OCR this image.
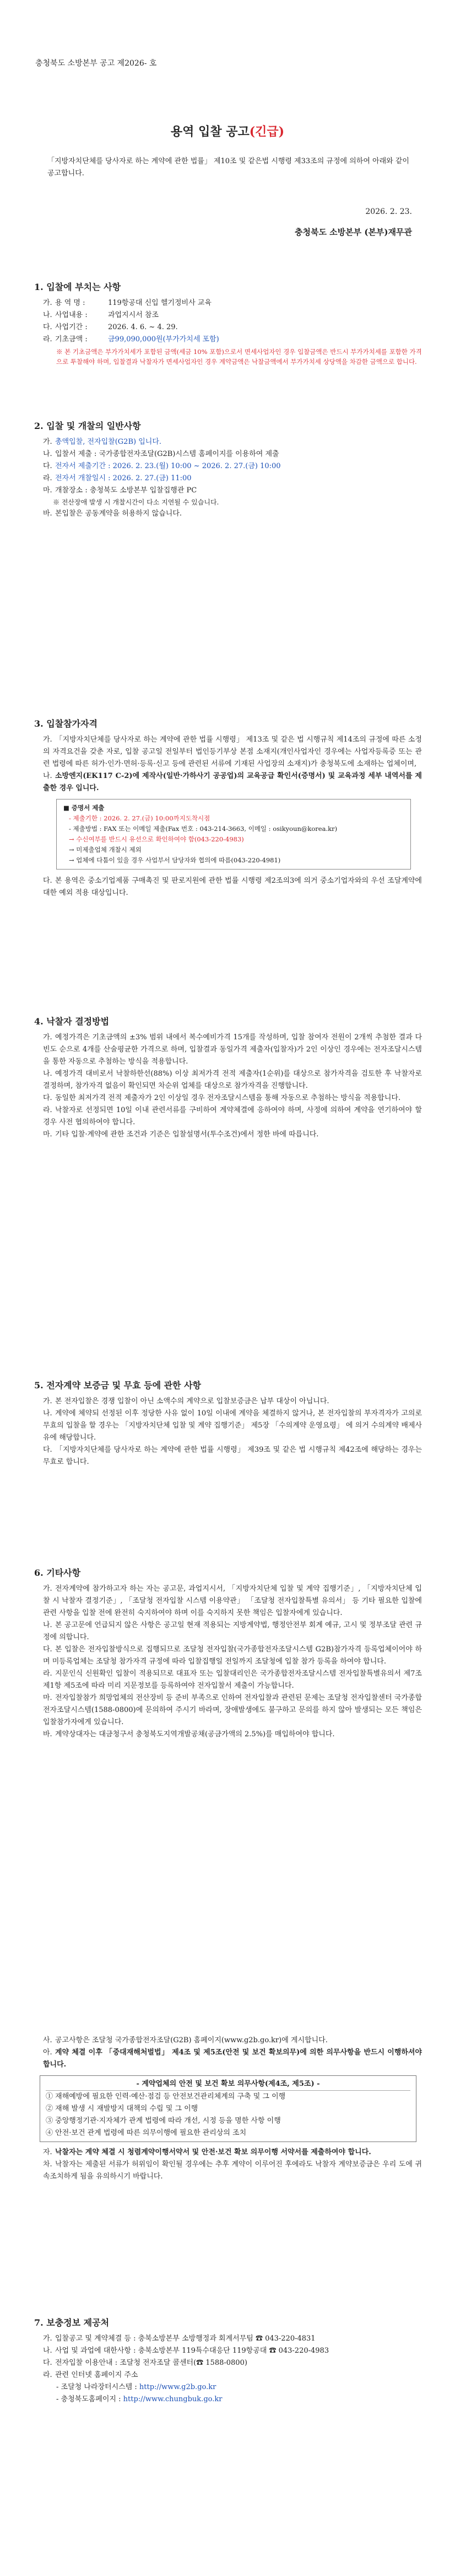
충청북도 소방본부 공고 제2026- 호
용역 입찰 공고(긴급)
「지방자치단체를 당사자로 하는 계약에 관한 법률」 제10조 및 같은법 시행령 제33조의 규정에 의하여 아래와 같이 공고합니다.
2026. 2. 23.
충청북도 소방본부 (본부)재무관
1. 입찰에 부치는 사항
가. 용 역 명 :	119항공대 신입 헬기정비사 교육
나. 사업내용 :	과업지시서 참조
다. 사업기간 :	2026. 4. 6. ~ 4. 29.
라. 기초금액 :	금99,090,000원(부가가치세 포함)
※ 본 기초금액은 부가가치세가 포함된 금액(세금 10% 포함)으로서 면세사업자인 경우 입찰금액은 반드시 부가가치세를 포함한 가격으로 투찰해야 하며, 입찰결과 낙찰자가 면세사업자인 경우 계약금액은 낙찰금액에서 부가가치세 상당액을 차감한 금액으로 합니다.
2. 입찰 및 개찰의 일반사항
가. 총액입찰, 전자입찰(G2B) 입니다.
나. 입찰서 제출 : 국가종합전자조달(G2B)시스템 홈페이지를 이용하여 제출
다. 전자서 제출기간 : 2026. 2. 23.(월) 10:00 ~ 2026. 2. 27.(금) 10:00
라. 전자서 개찰일시 : 2026. 2. 27.(금) 11:00
마. 개찰장소 : 충청북도 소방본부 입찰집행관 PC
※ 전산장애 발생 시 개찰시간이 다소 지연될 수 있습니다.
바. 본입찰은 공동계약을 허용하지 않습니다.
3. 입찰참가자격
가. 「지방자치단체를 당사자로 하는 계약에 관한 법률 시행령」 제13조 및 같은 법 시행규칙 제14조의 규정에 따른 소정의 자격요건을 갖춘 자로, 입찰 공고일 전일부터 법인등기부상 본점 소재지(개인사업자인 경우에는 사업자등록증 또는 관련 법령에 따른 허가·인가·면허·등록·신고 등에 관련된 서류에 기재된 사업장의 소재지)가 충청북도에 소재하는 업체이며,
나. 소방엔지(EK117 C-2)에 제작사(일반·가하사기 공공업)의 교육공급 확인서(증명서) 및 교육과정 세부 내역서를 제출한 경우 입니다.
■ 증명서 제출
- 제출기한 : 2026. 2. 27.(금) 10:00까지도착시점
- 제출방법 : FAX 또는 이메일 제출(Fax 번호 : 043-214-3663, 이메일 : osikyoun@korea.kr)
→ 수신여부를 반드시 유선으로 확인하여야 함(043-220-4983)
→ 미제출업체 개찰시 제외
→ 업체에 다툼이 있을 경우 사업부서 담당자와 협의에 따름(043-220-4981)
다. 본 용역은 중소기업제품 구매촉진 및 판로지원에 관한 법률 시행령 제2조의3에 의거 중소기업자와의 우선 조달계약에 대한 예외 적용 대상입니다.
4. 낙찰자 결정방법
가. 예정가격은 기초금액의 ±3% 범위 내에서 복수예비가격 15개를 작성하며, 입찰 참여자 전원이 2개씩 추첨한 결과 다빈도 순으로 4개를 산술평균한 가격으로 하며, 입찰결과 동일가격 제출자(입찰자)가 2인 이상인 경우에는 전자조달시스템을 통한 자동으로 추첨하는 방식을 적용합니다.
나. 예정가격 대비로서 낙찰하한선(88%) 이상 최저가격 전적 제출자(1순위)를 대상으로 참가자격을 검토한 후 낙찰자로 결정하며, 참가자격 없음이 확인되면 차순위 업체를 대상으로 참가자격을 진행합니다.
다. 동일한 최저가격 전적 제출자가 2인 이상일 경우 전자조달시스템을 통해 자동으로 추첨하는 방식을 적용합니다.
라. 낙찰자로 선정되면 10일 이내 관련서류를 구비하여 계약체결에 응하여야 하며, 사정에 의하여 계약을 연기하여야 할 경우 사전 협의하여야 합니다.
마. 기타 입찰·계약에 관한 조건과 기준은 입찰설명서(투수조건)에서 정한 바에 따릅니다.
5. 전자계약 보증금 및 무효 등에 관한 사항
가. 본 전자입찰은 경쟁 입찰이 아닌 소액수의 계약으로 입찰보증금은 납부 대상이 아닙니다.
나. 계약에 체약되 선정된 이후 정당한 사유 없이 10일 이내에 계약을 체결하지 않거나, 본 전자입찰의 부자격자가 고의로 무효의 입찰을 할 경우는 「지방자치단체 입찰 및 계약 집행기준」 제5장 「수의계약 운영요령」 에 의거 수의계약 배제사유에 해당합니다.
다. 「지방자치단체를 당사자로 하는 계약에 관한 법률 시행령」 제39조 및 같은 법 시행규칙 제42조에 해당하는 경우는 무효로 합니다.
6. 기타사항
가. 전자계약에 참가하고자 하는 자는 공고문, 과업지시서, 「지방자치단체 입찰 및 계약 집행기준」, 「지방자치단체 입찰 시 낙찰자 결정기준」, 「조달청 전자입찰 시스템 이용약관」 「조달청 전자입찰특별 유의서」 등 기타 필요한 입찰에 관련 사항을 입찰 전에 완전히 숙지하여야 하며 이를 숙지하지 못한 책임은 입찰자에게 있습니다.
나. 본 공고문에 언급되지 않은 사항은 공고일 현재 적용되는 지방계약법, 행정안전부 회계 예규, 고시 및 정부조달 관련 규정에 의합니다.
다. 본 입찰은 전자입찰방식으로 집행되므로 조달청 전자입찰(국가종합전자조달시스템 G2B)참가자격 등록업체이어야 하며 미등록업체는 조달청 참가자격 규정에 따라 입찰집행일 전일까지 조달청에 입찰 참가 등록을 하여야 합니다.
라. 지문인식 신원확인 입찰이 적용되므로 대표자 또는 입찰대리인은 국가종합전자조달시스템 전자입찰특별유의서 제7조제1항 제5조에 따라 미리 지문정보를 등록하여야 전자입찰서 제출이 가능합니다.
마. 전자입찰참가 희망업체의 전산장비 등 준비 부족으로 인하여 전자입찰과 관련된 문제는 조달청 전자입찰센터 국가종합전자조달시스템(1588-0800)에 문의하여 주시기 바라며, 장애발생에도 불구하고 문의를 하지 않아 발생되는 모든 책임은 입찰참가자에게 있습니다.
바. 계약상대자는 대금청구서 충청북도지역개발공채(공금가액의 2.5%)를 매입하여야 합니다.
사. 공고사항은 조달청 국가종합전자조달(G2B) 홈페이지(www.g2b.go.kr)에 게시합니다.
아. 계약 체결 이후 「중대재해처벌법」 제4조 및 제5조(안전 및 보건 확보의무)에 의한 의무사항을 반드시 이행하셔야 합니다.
- 계약업체의 안전 및 보건 확보 의무사항(제4조, 제5조) -
① 재해예방에 필요한 인력·예산·점검 등 안전보건관리체계의 구축 및 그 이행
② 재해 발생 시 재발방지 대책의 수립 및 그 이행
③ 중앙행정기관·지자체가 관계 법령에 따라 개선, 시정 등을 명한 사항 이행
④ 안전·보건 관계 법령에 따른 의무이행에 필요한 관리상의 조치
자. 낙찰자는 계약 체결 시 청렴계약이행서약서 및 안전·보건 확보 의무이행 서약서를 제출하여야 합니다.
차. 낙찰자는 제출된 서류가 허위임이 확인될 경우에는 추후 계약이 이루어진 후에라도 낙찰자 계약보증금은 우리 도에 귀속조치하게 됨을 유의하시기 바랍니다.
7. 보충정보 제공처
가. 입찰공고 및 계약체결 등 : 충북소방본부 소방행정과 회계서무팀 ☎ 043-220-4831
나. 사업 및 과업에 대한사항 : 충북소방본부 119특수대응단 119항공대 ☎ 043-220-4983
다. 전자입찰 이용안내 : 조달청 전자조달 콜센터(☎ 1588-0800)
라. 관련 인터넷 홈페이지 주소
- 조달청 나라장터시스템 : http://www.g2b.go.kr
- 충청북도홈페이지 : http://www.chungbuk.go.kr
